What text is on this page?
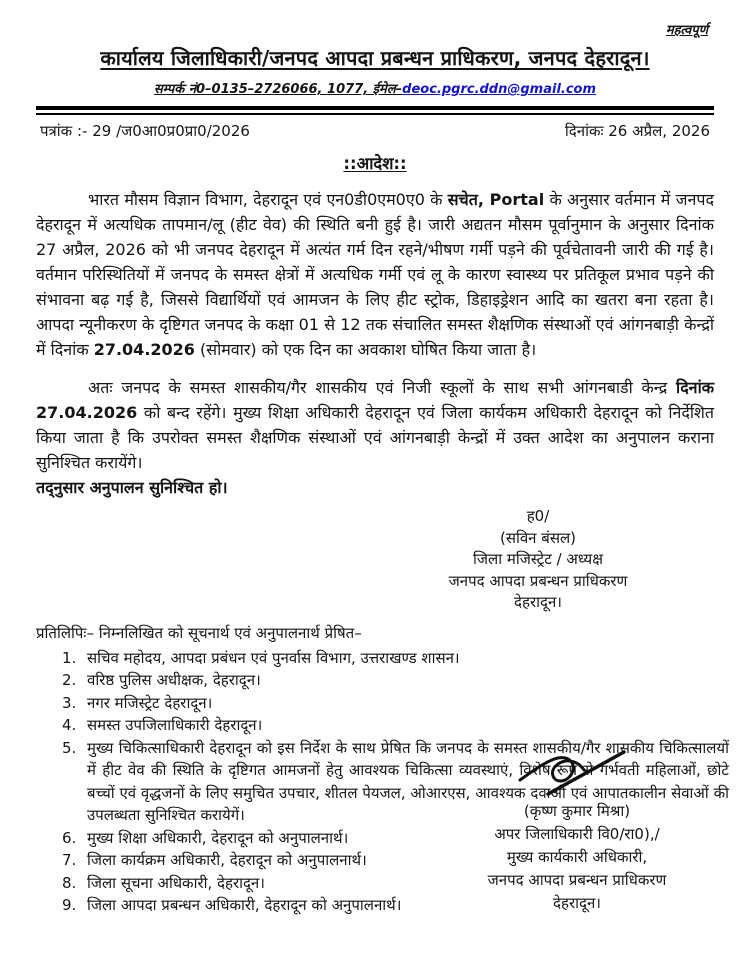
महत्वपूर्ण
कार्यालय जिलाधिकारी/जनपद आपदा प्रबन्धन प्राधिकरण, जनपद देहरादून।
सम्पर्क नं0–0135–2726066, 1077, ईमेल–deoc.pgrc.ddn@gmail.com
पत्रांक :- 29 /ज0आ0प्र0प्रा0/2026	दिनांकः 26 अप्रैल, 2026
::आदेश::

भारत मौसम विज्ञान विभाग, देहरादून एवं एन0डी0एम0ए0 के सचेत, Portal के अनुसार वर्तमान में जनपद देहरादून में अत्यधिक तापमान/लू (हीट वेव) की स्थिति बनी हुई है। जारी अद्यतन मौसम पूर्वानुमान के अनुसार दिनांक 27 अप्रैल, 2026 को भी जनपद देहरादून में अत्यंत गर्म दिन रहने/भीषण गर्मी पड़ने की पूर्वचेतावनी जारी की गई है। वर्तमान परिस्थितियों में जनपद के समस्त क्षेत्रों में अत्यधिक गर्मी एवं लू के कारण स्वास्थ्य पर प्रतिकूल प्रभाव पड़ने की संभावना बढ़ गई है, जिससे विद्यार्थियों एवं आमजन के लिए हीट स्ट्रोक, डिहाइड्रेशन आदि का खतरा बना रहता है। आपदा न्यूनीकरण के दृष्टिगत जनपद के कक्षा 01 से 12 तक संचालित समस्त शैक्षणिक संस्थाओं एवं आंगनबाड़ी केन्द्रों में दिनांक 27.04.2026 (सोमवार) को एक दिन का अवकाश घोषित किया जाता है।

अतः जनपद के समस्त शासकीय/गैर शासकीय एवं निजी स्कूलों के साथ सभी आंगनबाडी केन्द्र दिनांक 27.04.2026 को बन्द रहेंगे। मुख्य शिक्षा अधिकारी देहरादून एवं जिला कार्यकम अधिकारी देहरादून को निर्देशित किया जाता है कि उपरोक्त समस्त शैक्षणिक संस्थाओं एवं आंगनबाड़ी केन्द्रों में उक्त आदेश का अनुपालन कराना सुनिश्चित करायेंगे।

तद्नुसार अनुपालन सुनिश्चित हो।

ह0/
(सविन बंसल)
जिला मजिस्ट्रेट / अध्यक्ष
जनपद आपदा प्रबन्धन प्राधिकरण
देहरादून।
प्रतिलिपिः– निम्नलिखित को सूचनार्थ एवं अनुपालनार्थ प्रेषित–
सचिव महोदय, आपदा प्रबंधन एवं पुनर्वास विभाग, उत्तराखण्ड शासन।
वरिष्ठ पुलिस अधीक्षक, देहरादून।
नगर मजिस्ट्रेट देहरादून।
समस्त उपजिलाधिकारी देहरादून।
मुख्य चिकित्साधिकारी देहरादून को इस निर्देश के साथ प्रेषित कि जनपद के समस्त शासकीय/गैर शासकीय चिकित्सालयों में हीट वेव की स्थिति के दृष्टिगत आमजनों हेतु आवश्यक चिकित्सा व्यवस्थाएं, विशेष रूप से गर्भवती महिलाओं, छोटे बच्चों एवं वृद्धजनों के लिए समुचित उपचार, शीतल पेयजल, ओआरएस, आवश्यक दवाओं एवं आपातकालीन सेवाओं की उपलब्धता सुनिश्चित करायेगें।
मुख्य शिक्षा अधिकारी, देहरादून को अनुपालनार्थ।
जिला कार्यक्रम अधिकारी, देहरादून को अनुपालनार्थ।
जिला सूचना अधिकारी, देहरादून।
जिला आपदा प्रबन्धन अधिकारी, देहरादून को अनुपालनार्थ।
(कृष्ण कुमार मिश्रा)
अपर जिलाधिकारी वि0/रा0),/
मुख्य कार्यकारी अधिकारी,
जनपद आपदा प्रबन्धन प्राधिकरण
देहरादून।
